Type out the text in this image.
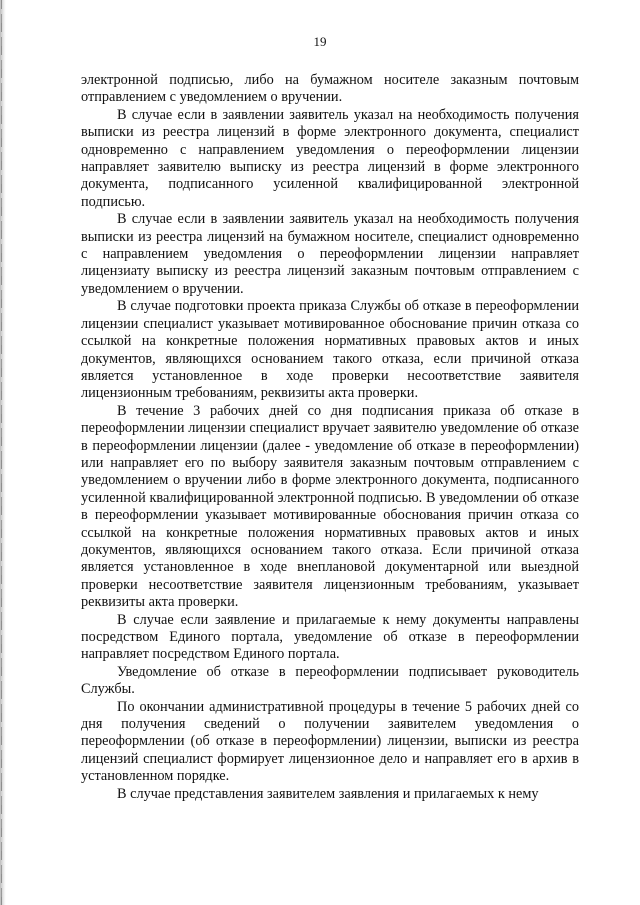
19

электронной подписью, либо на бумажном носителе заказным почтовым отправлением с уведомлением о вручении.

В случае если в заявлении заявитель указал на необходимость получения выписки из реестра лицензий в форме электронного документа, специалист одновременно с направлением уведомления о переоформлении лицензии направляет заявителю выписку из реестра лицензий в форме электронного документа, подписанного усиленной квалифицированной электронной подписью.

В случае если в заявлении заявитель указал на необходимость получения выписки из реестра лицензий на бумажном носителе, специалист одновременно с направлением уведомления о переоформлении лицензии направляет лицензиату выписку из реестра лицензий заказным почтовым отправлением с уведомлением о вручении.

В случае подготовки проекта приказа Службы об отказе в переоформлении лицензии специалист указывает мотивированное обоснование причин отказа со ссылкой на конкретные положения нормативных правовых актов и иных документов, являющихся основанием такого отказа, если причиной отказа является установленное в ходе проверки несоответствие заявителя лицензионным требованиям, реквизиты акта проверки.

В течение 3 рабочих дней со дня подписания приказа об отказе в переоформлении лицензии специалист вручает заявителю уведомление об отказе в переоформлении лицензии (далее - уведомление об отказе в переоформлении) или направляет его по выбору заявителя заказным почтовым отправлением с уведомлением о вручении либо в форме электронного документа, подписанного усиленной квалифицированной электронной подписью. В уведомлении об отказе в переоформлении указывает мотивированные обоснования причин отказа со ссылкой на конкретные положения нормативных правовых актов и иных документов, являющихся основанием такого отказа. Если причиной отказа является установленное в ходе внеплановой документарной или выездной проверки несоответствие заявителя лицензионным требованиям, указывает реквизиты акта проверки.

В случае если заявление и прилагаемые к нему документы направлены посредством Единого портала, уведомление об отказе в переоформлении направляет посредством Единого портала.

Уведомление об отказе в переоформлении подписывает руководитель Службы.

По окончании административной процедуры в течение 5 рабочих дней со дня получения сведений о получении заявителем уведомления о переоформлении (об отказе в переоформлении) лицензии, выписки из реестра лицензий специалист формирует лицензионное дело и направляет его в архив в установленном порядке.

В случае представления заявителем заявления и прилагаемых к нему
